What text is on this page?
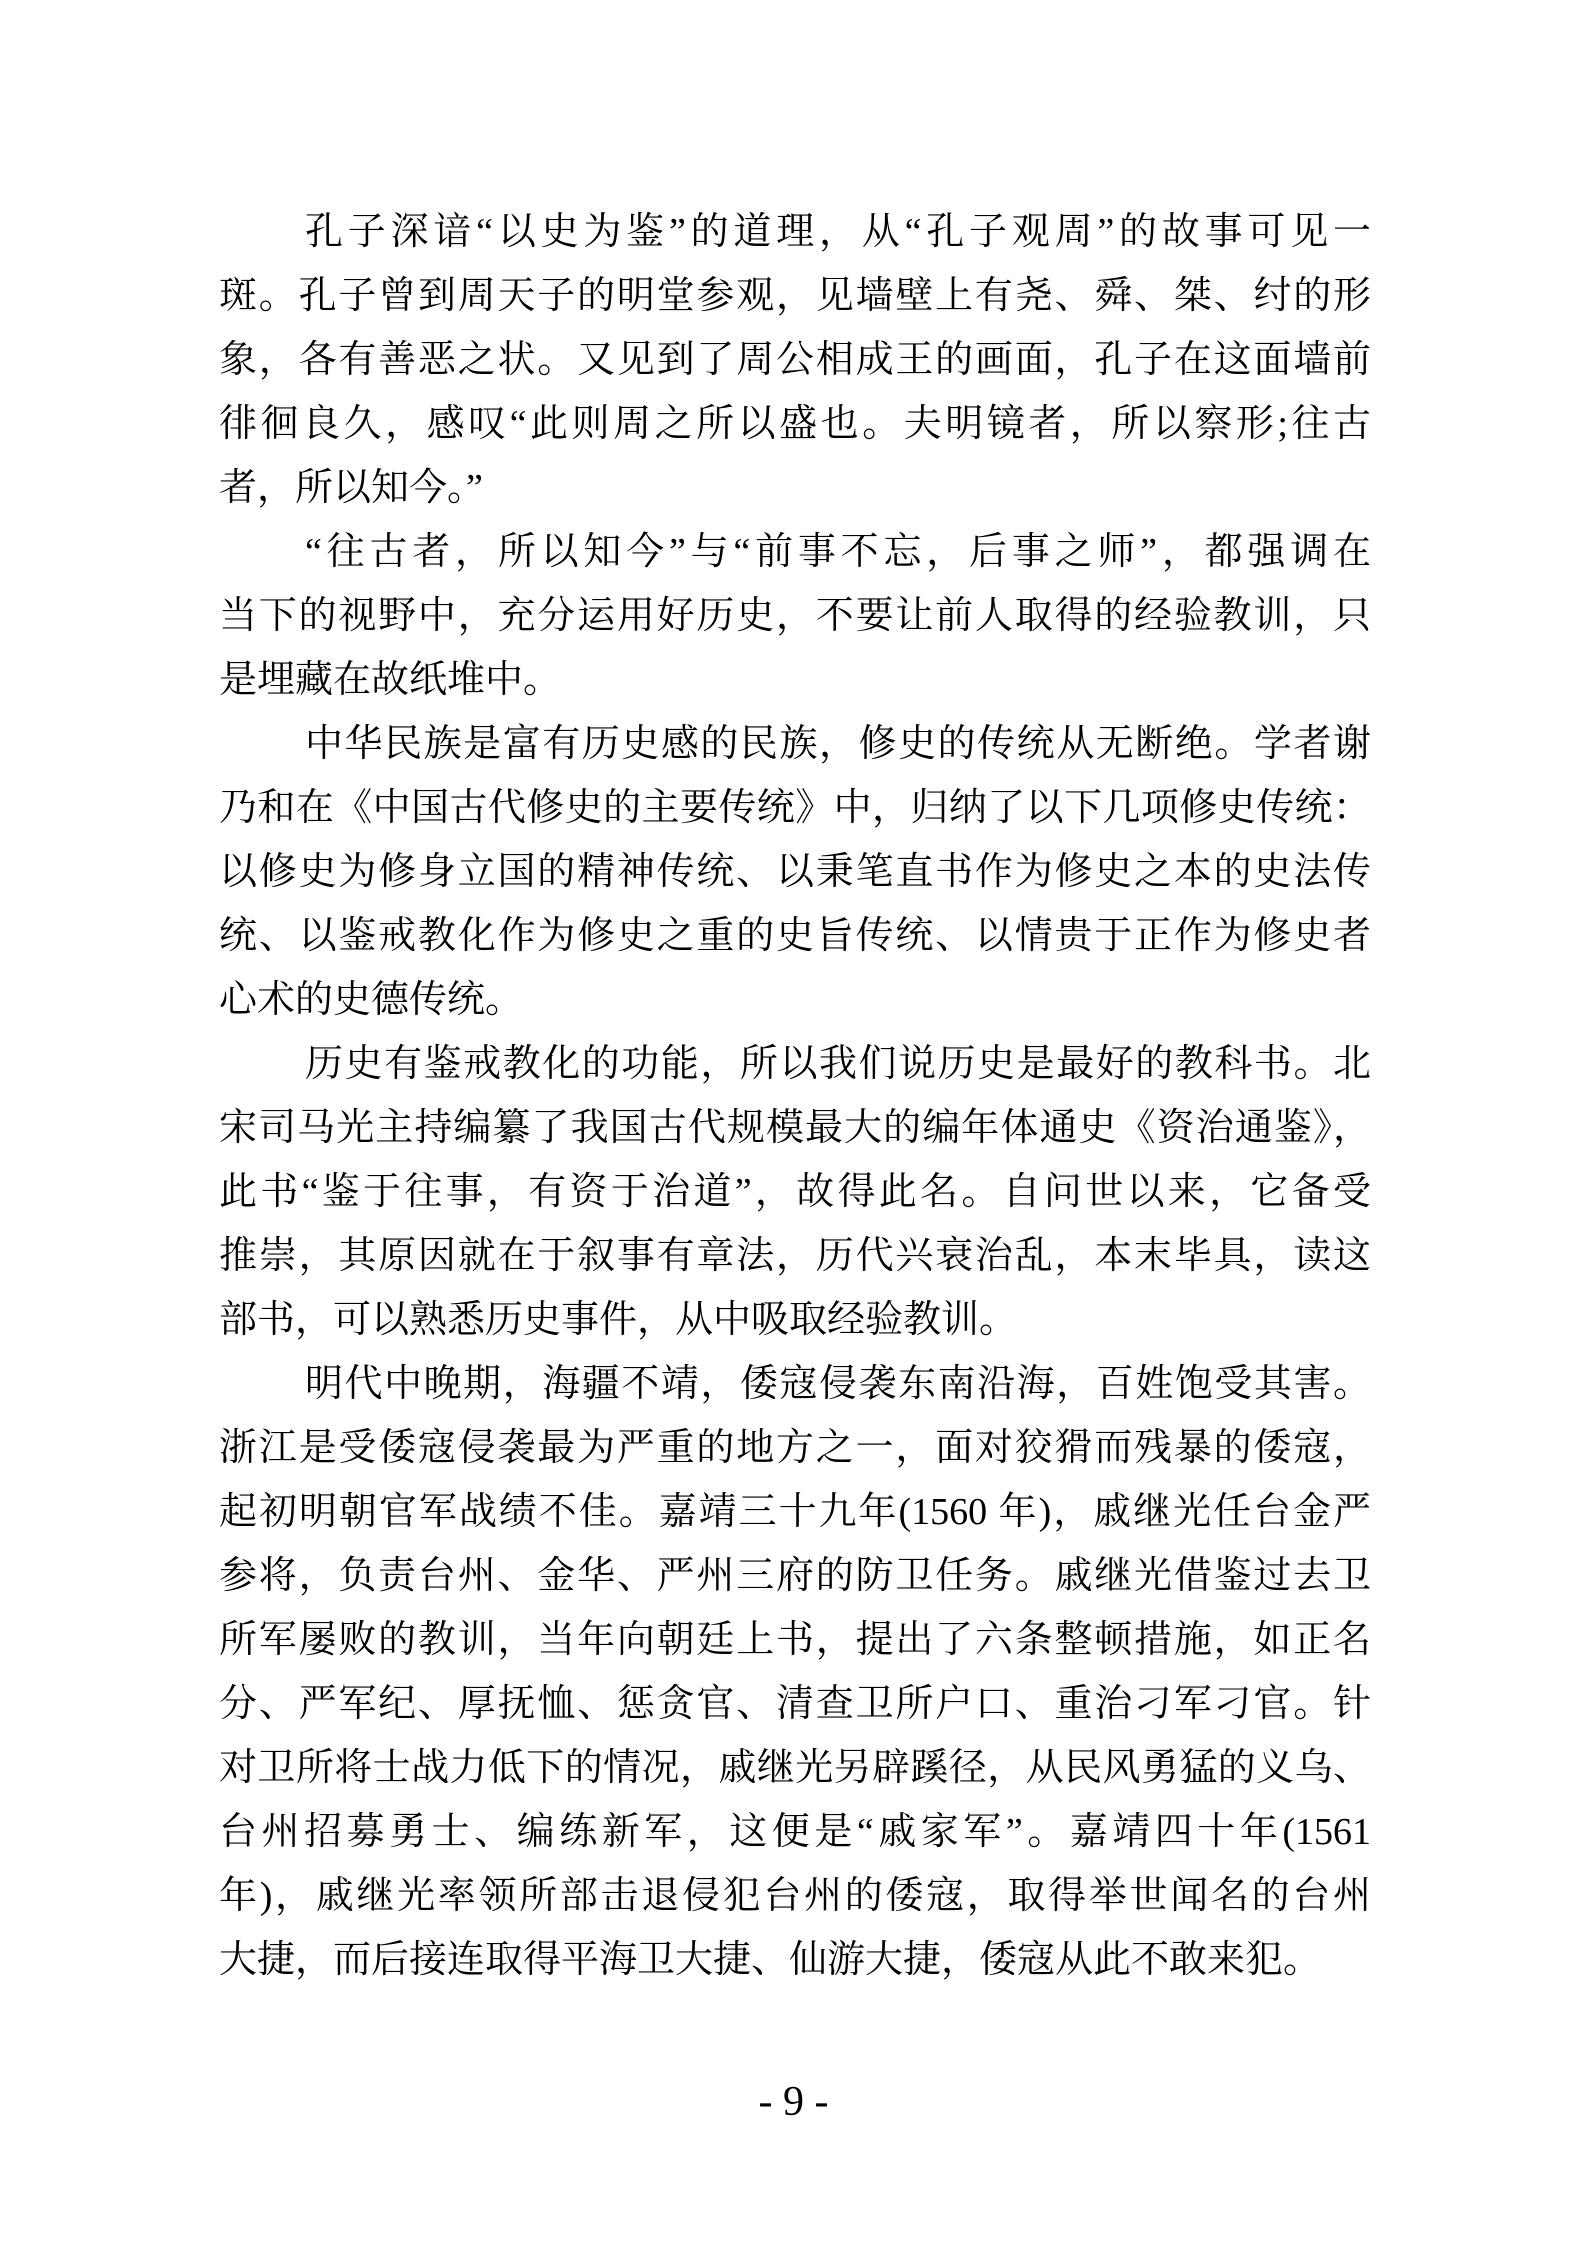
孔子深谙“以史为鉴”的道理，从“孔子观周”的故事可见一
斑。孔子曾到周天子的明堂参观，见墙壁上有尧、舜、桀、纣的形
象，各有善恶之状。又见到了周公相成王的画面，孔子在这面墙前
徘徊良久，感叹“此则周之所以盛也。夫明镜者，所以察形;往古
者，所以知今。”
“往古者，所以知今”与“前事不忘，后事之师”，都强调在
当下的视野中，充分运用好历史，不要让前人取得的经验教训，只
是埋藏在故纸堆中。
中华民族是富有历史感的民族，修史的传统从无断绝。学者谢
乃和在《中国古代修史的主要传统》中，归纳了以下几项修史传统：
以修史为修身立国的精神传统、以秉笔直书作为修史之本的史法传
统、以鉴戒教化作为修史之重的史旨传统、以情贵于正作为修史者
心术的史德传统。
历史有鉴戒教化的功能，所以我们说历史是最好的教科书。北
宋司马光主持编纂了我国古代规模最大的编年体通史《资治通鉴》，
此书“鉴于往事，有资于治道”，故得此名。自问世以来，它备受
推崇，其原因就在于叙事有章法，历代兴衰治乱，本末毕具，读这
部书，可以熟悉历史事件，从中吸取经验教训。
明代中晚期，海疆不靖，倭寇侵袭东南沿海，百姓饱受其害。
浙江是受倭寇侵袭最为严重的地方之一，面对狡猾而残暴的倭寇，
起初明朝官军战绩不佳。嘉靖三十九年(1560 年)，戚继光任台金严
参将，负责台州、金华、严州三府的防卫任务。戚继光借鉴过去卫
所军屡败的教训，当年向朝廷上书，提出了六条整顿措施，如正名
分、严军纪、厚抚恤、惩贪官、清查卫所户口、重治刁军刁官。针
对卫所将士战力低下的情况，戚继光另辟蹊径，从民风勇猛的义乌、
台州招募勇士、编练新军，这便是“戚家军”。嘉靖四十年(1561
年)，戚继光率领所部击退侵犯台州的倭寇，取得举世闻名的台州
大捷，而后接连取得平海卫大捷、仙游大捷，倭寇从此不敢来犯。
- 9 -
